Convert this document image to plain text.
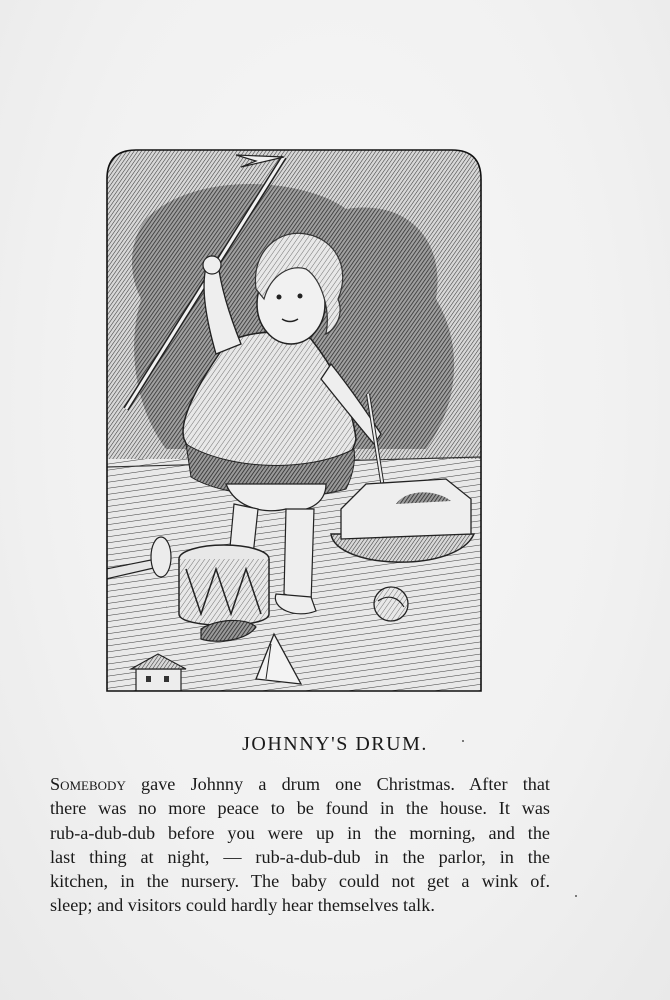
JOHNNY'S DRUM.
Somebody gave Johnny a drum one Christmas. After that
there was no more peace to be found in the house. It was
rub-a-dub-dub before you were up in the morning, and the
last thing at night, — rub-a-dub-dub in the parlor, in the
kitchen, in the nursery. The baby could not get a wink of.
sleep; and visitors could hardly hear themselves talk.
